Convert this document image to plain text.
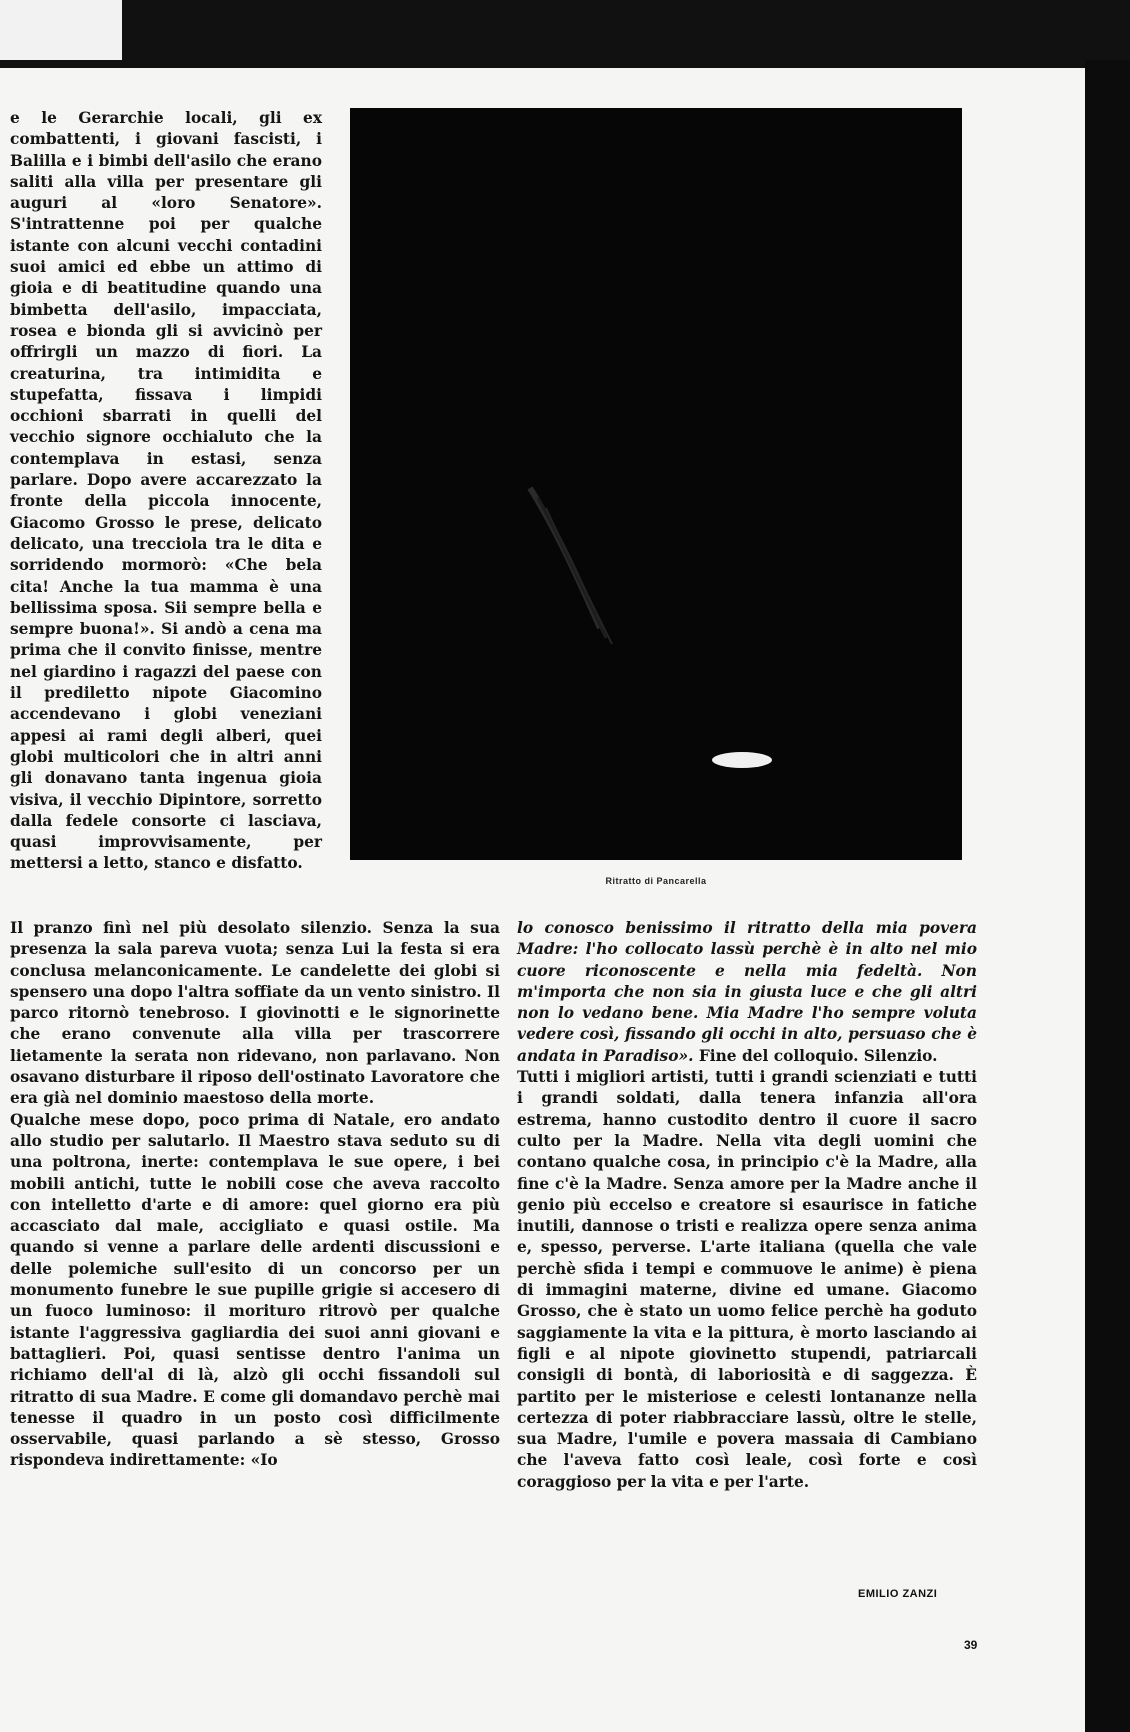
e le Gerarchie locali, gli ex combattenti, i giovani fascisti, i Balilla e i bimbi dell'asilo che erano saliti alla villa per presentare gli auguri al «loro Senatore». S'intrattenne poi per qualche istante con alcuni vecchi contadini suoi amici ed ebbe un attimo di gioia e di beatitudine quando una bimbetta dell'asilo, impacciata, rosea e bionda gli si avvicinò per offrirgli un mazzo di fiori. La creaturina, tra intimidita e stupefatta, fissava i limpidi occhioni sbarrati in quelli del vecchio signore occhialuto che la contemplava in estasi, senza parlare. Dopo avere accarezzato la fronte della piccola innocente, Giacomo Grosso le prese, delicato delicato, una trecciola tra le dita e sorridendo mormorò: «Che bela cita! Anche la tua mamma è una bellissima sposa. Sii sempre bella e sempre buona!». Si andò a cena ma prima che il convito finisse, mentre nel giardino i ragazzi del paese con il prediletto nipote Giacomino accendevano i globi veneziani appesi ai rami degli alberi, quei globi multicolori che in altri anni gli donavano tanta ingenua gioia visiva, il vecchio Dipintore, sorretto dalla fedele consorte ci lasciava, quasi improvvisamente, per mettersi a letto, stanco e disfatto.

Ritratto di Pancarella

Il pranzo finì nel più desolato silenzio. Senza la sua presenza la sala pareva vuota; senza Lui la festa si era conclusa melanconicamente. Le candelette dei globi si spensero una dopo l'altra soffiate da un vento sinistro. Il parco ritornò tenebroso. I giovinotti e le signorinette che erano convenute alla villa per trascorrere lietamente la serata non ridevano, non parlavano. Non osavano disturbare il riposo dell'ostinato Lavoratore che era già nel dominio maestoso della morte.

Qualche mese dopo, poco prima di Natale, ero andato allo studio per salutarlo. Il Maestro stava seduto su di una poltrona, inerte: contemplava le sue opere, i bei mobili antichi, tutte le nobili cose che aveva raccolto con intelletto d'arte e di amore: quel giorno era più accasciato dal male, accigliato e quasi ostile. Ma quando si venne a parlare delle ardenti discussioni e delle polemiche sull'esito di un concorso per un monumento funebre le sue pupille grigie si accesero di un fuoco luminoso: il morituro ritrovò per qualche istante l'aggressiva gagliardia dei suoi anni giovani e battaglieri. Poi, quasi sentisse dentro l'anima un richiamo dell'al di là, alzò gli occhi fissandoli sul ritratto di sua Madre. E come gli domandavo perchè mai tenesse il quadro in un posto così difficilmente osservabile, quasi parlando a sè stesso, Grosso rispondeva indirettamente: «Io

lo conosco benissimo il ritratto della mia povera Madre: l'ho collocato lassù perchè è in alto nel mio cuore riconoscente e nella mia fedeltà. Non m'importa che non sia in giusta luce e che gli altri non lo vedano bene. Mia Madre l'ho sempre voluta vedere così, fissando gli occhi in alto, persuaso che è andata in Paradiso». Fine del colloquio. Silenzio.

Tutti i migliori artisti, tutti i grandi scienziati e tutti i grandi soldati, dalla tenera infanzia all'ora estrema, hanno custodito dentro il cuore il sacro culto per la Madre. Nella vita degli uomini che contano qualche cosa, in principio c'è la Madre, alla fine c'è la Madre. Senza amore per la Madre anche il genio più eccelso e creatore si esaurisce in fatiche inutili, dannose o tristi e realizza opere senza anima e, spesso, perverse. L'arte italiana (quella che vale perchè sfida i tempi e commuove le anime) è piena di immagini materne, divine ed umane. Giacomo Grosso, che è stato un uomo felice perchè ha goduto saggiamente la vita e la pittura, è morto lasciando ai figli e al nipote giovinetto stupendi, patriarcali consigli di bontà, di laboriosità e di saggezza. È partito per le misteriose e celesti lontananze nella certezza di poter riabbracciare lassù, oltre le stelle, sua Madre, l'umile e povera massaia di Cambiano che l'aveva fatto così leale, così forte e così coraggioso per la vita e per l'arte.

EMILIO ZANZI
39
